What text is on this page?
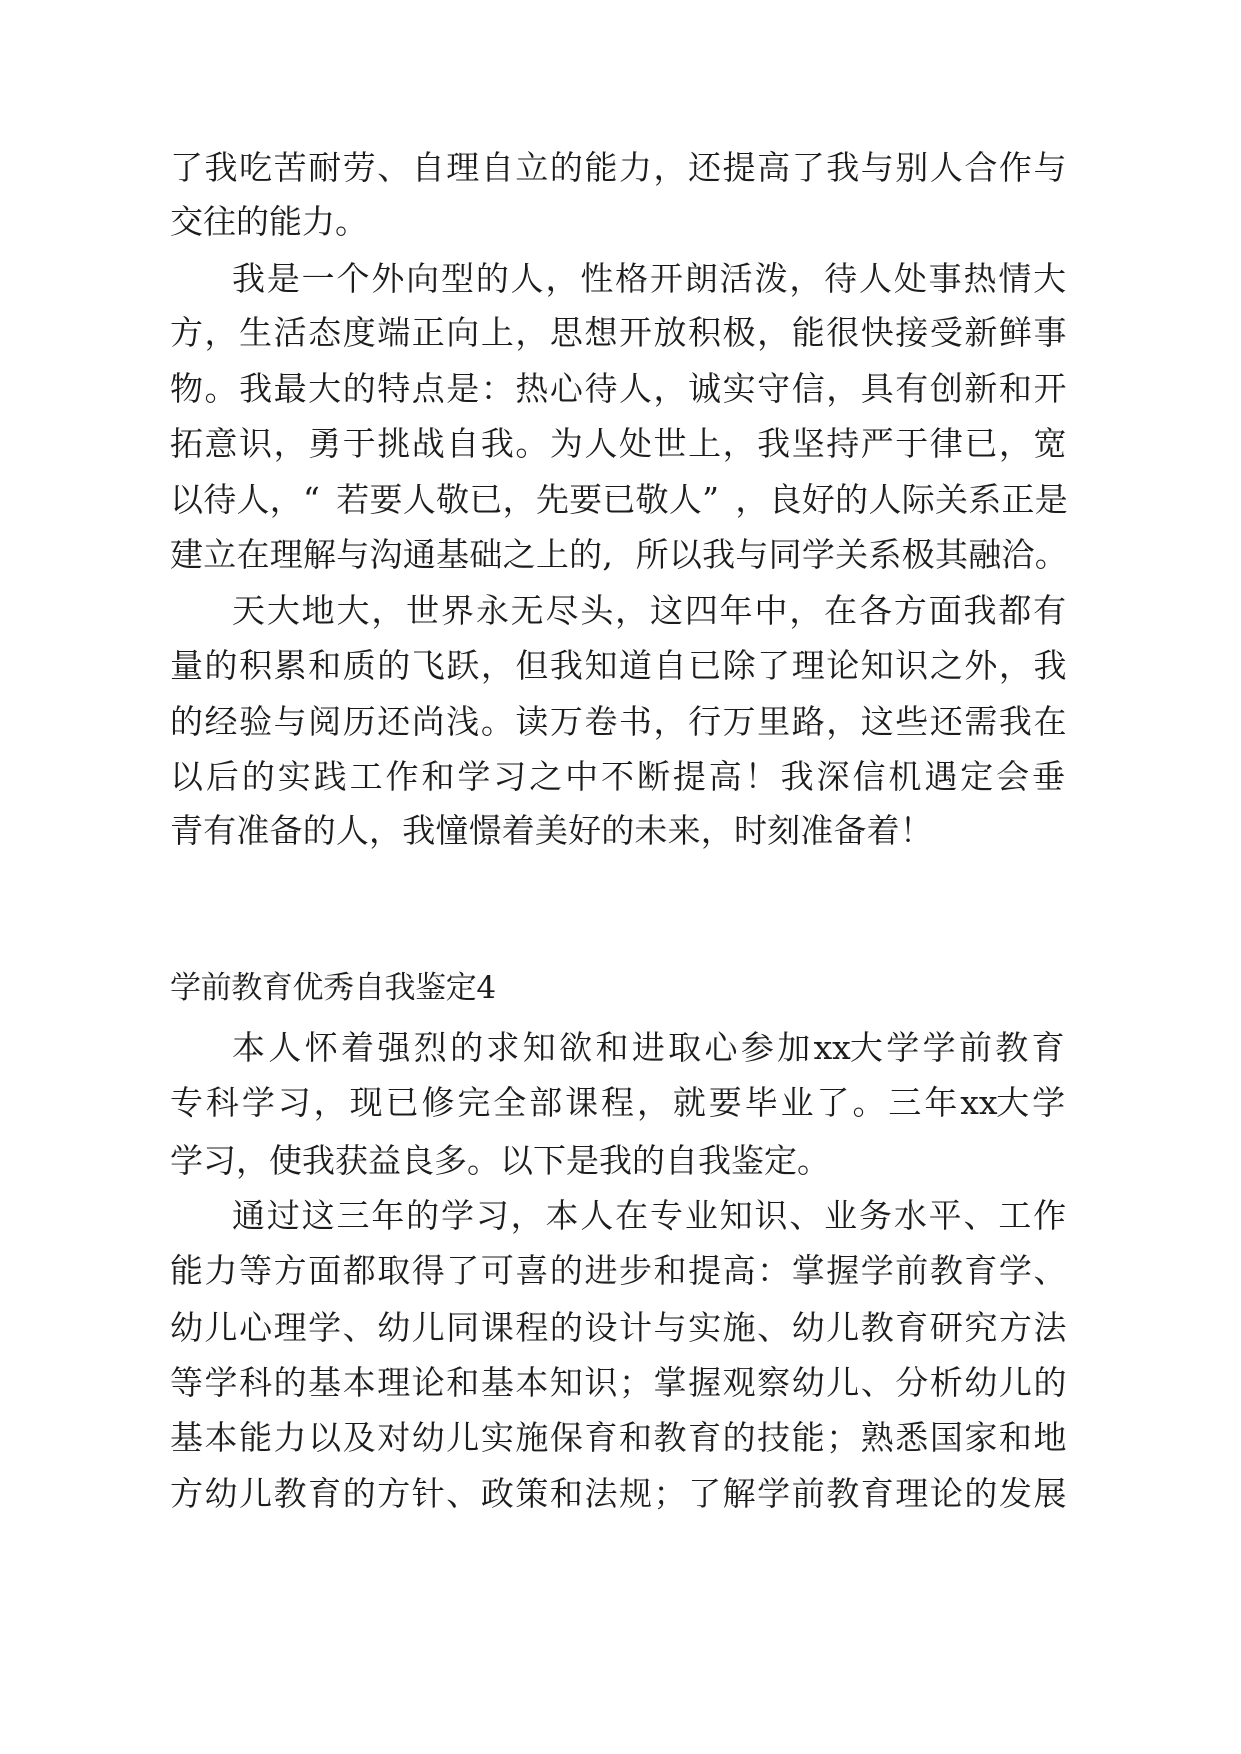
了 我 吃 苦 耐 劳 、 自 理 自 立 的 能 力 ， 还 提 高 了 我 与 别 人 合 作 与
交 往 的 能 力 。
我 是 一 个 外 向 型 的 人 ， 性 格 开 朗 活 泼 ， 待 人 处 事 热 情 大
方 ， 生 活 态 度 端 正 向 上 ， 思 想 开 放 积 极 ， 能 很 快 接 受 新 鲜 事
物 。 我 最 大 的 特 点 是 ： 热 心 待 人 ， 诚 实 守 信 ， 具 有 创 新 和 开
拓 意 识 ， 勇 于 挑 战 自 我 。 为 人 处 世 上 ， 我 坚 持 严 于 律 已 ， 宽
以 待 人 ， “ 若 要 人 敬 已 ， 先 要 已 敬 人 ” ， 良 好 的 人 际 关 系 正 是
建 立 在 理 解 与 沟 通 基 础 之 上 的 , 所 以 我 与 同 学 关 系 极 其 融 洽 。
天 大 地 大 ， 世 界 永 无 尽 头 ， 这 四 年 中 ， 在 各 方 面 我 都 有
量 的 积 累 和 质 的 飞 跃 ， 但 我 知 道 自 已 除 了 理 论 知 识 之 外 ， 我
的 经 验 与 阅 历 还 尚 浅 。 读 万 卷 书 ， 行 万 里 路 ， 这 些 还 需 我 在
以 后 的 实 践 工 作 和 学 习 之 中 不 断 提 高 ！ 我 深 信 机 遇 定 会 垂
青 有 准 备 的 人 ， 我 憧 憬 着 美 好 的 未 来 ， 时 刻 准 备 着 ！
学 前 教 育 优 秀 自 我 鉴 定 4
本 人 怀 着 强 烈 的 求 知 欲 和 进 取 心 参 加 xx 大 学 学 前 教 育
专 科 学 习 ， 现 已 修 完 全 部 课 程 ， 就 要 毕 业 了 。 三 年 xx
大 学
学 习 ， 使 我 获 益 良 多 。 以 下 是 我 的 自 我 鉴 定 。
通 过 这 三 年 的 学 习 ， 本 人 在 专 业 知 识 、 业 务 水 平 、 工 作
能 力 等 方 面 都 取 得 了 可 喜 的 进 步 和 提 高 ： 掌 握 学 前 教 育 学 、
幼 儿 心 理 学 、 幼 儿 同 课 程 的 设 计 与 实 施 、 幼 儿 教 育 研 究 方 法
等 学 科 的 基 本 理 论 和 基 本 知 识 ； 掌 握 观 察 幼 儿 、 分 析 幼 儿 的
基 本 能 力 以 及 对 幼 儿 实 施 保 育 和 教 育 的 技 能 ； 熟 悉 国 家 和 地
方 幼 儿 教 育 的 方 针 、 政 策 和 法 规 ； 了 解 学 前 教 育 理 论 的 发 展
